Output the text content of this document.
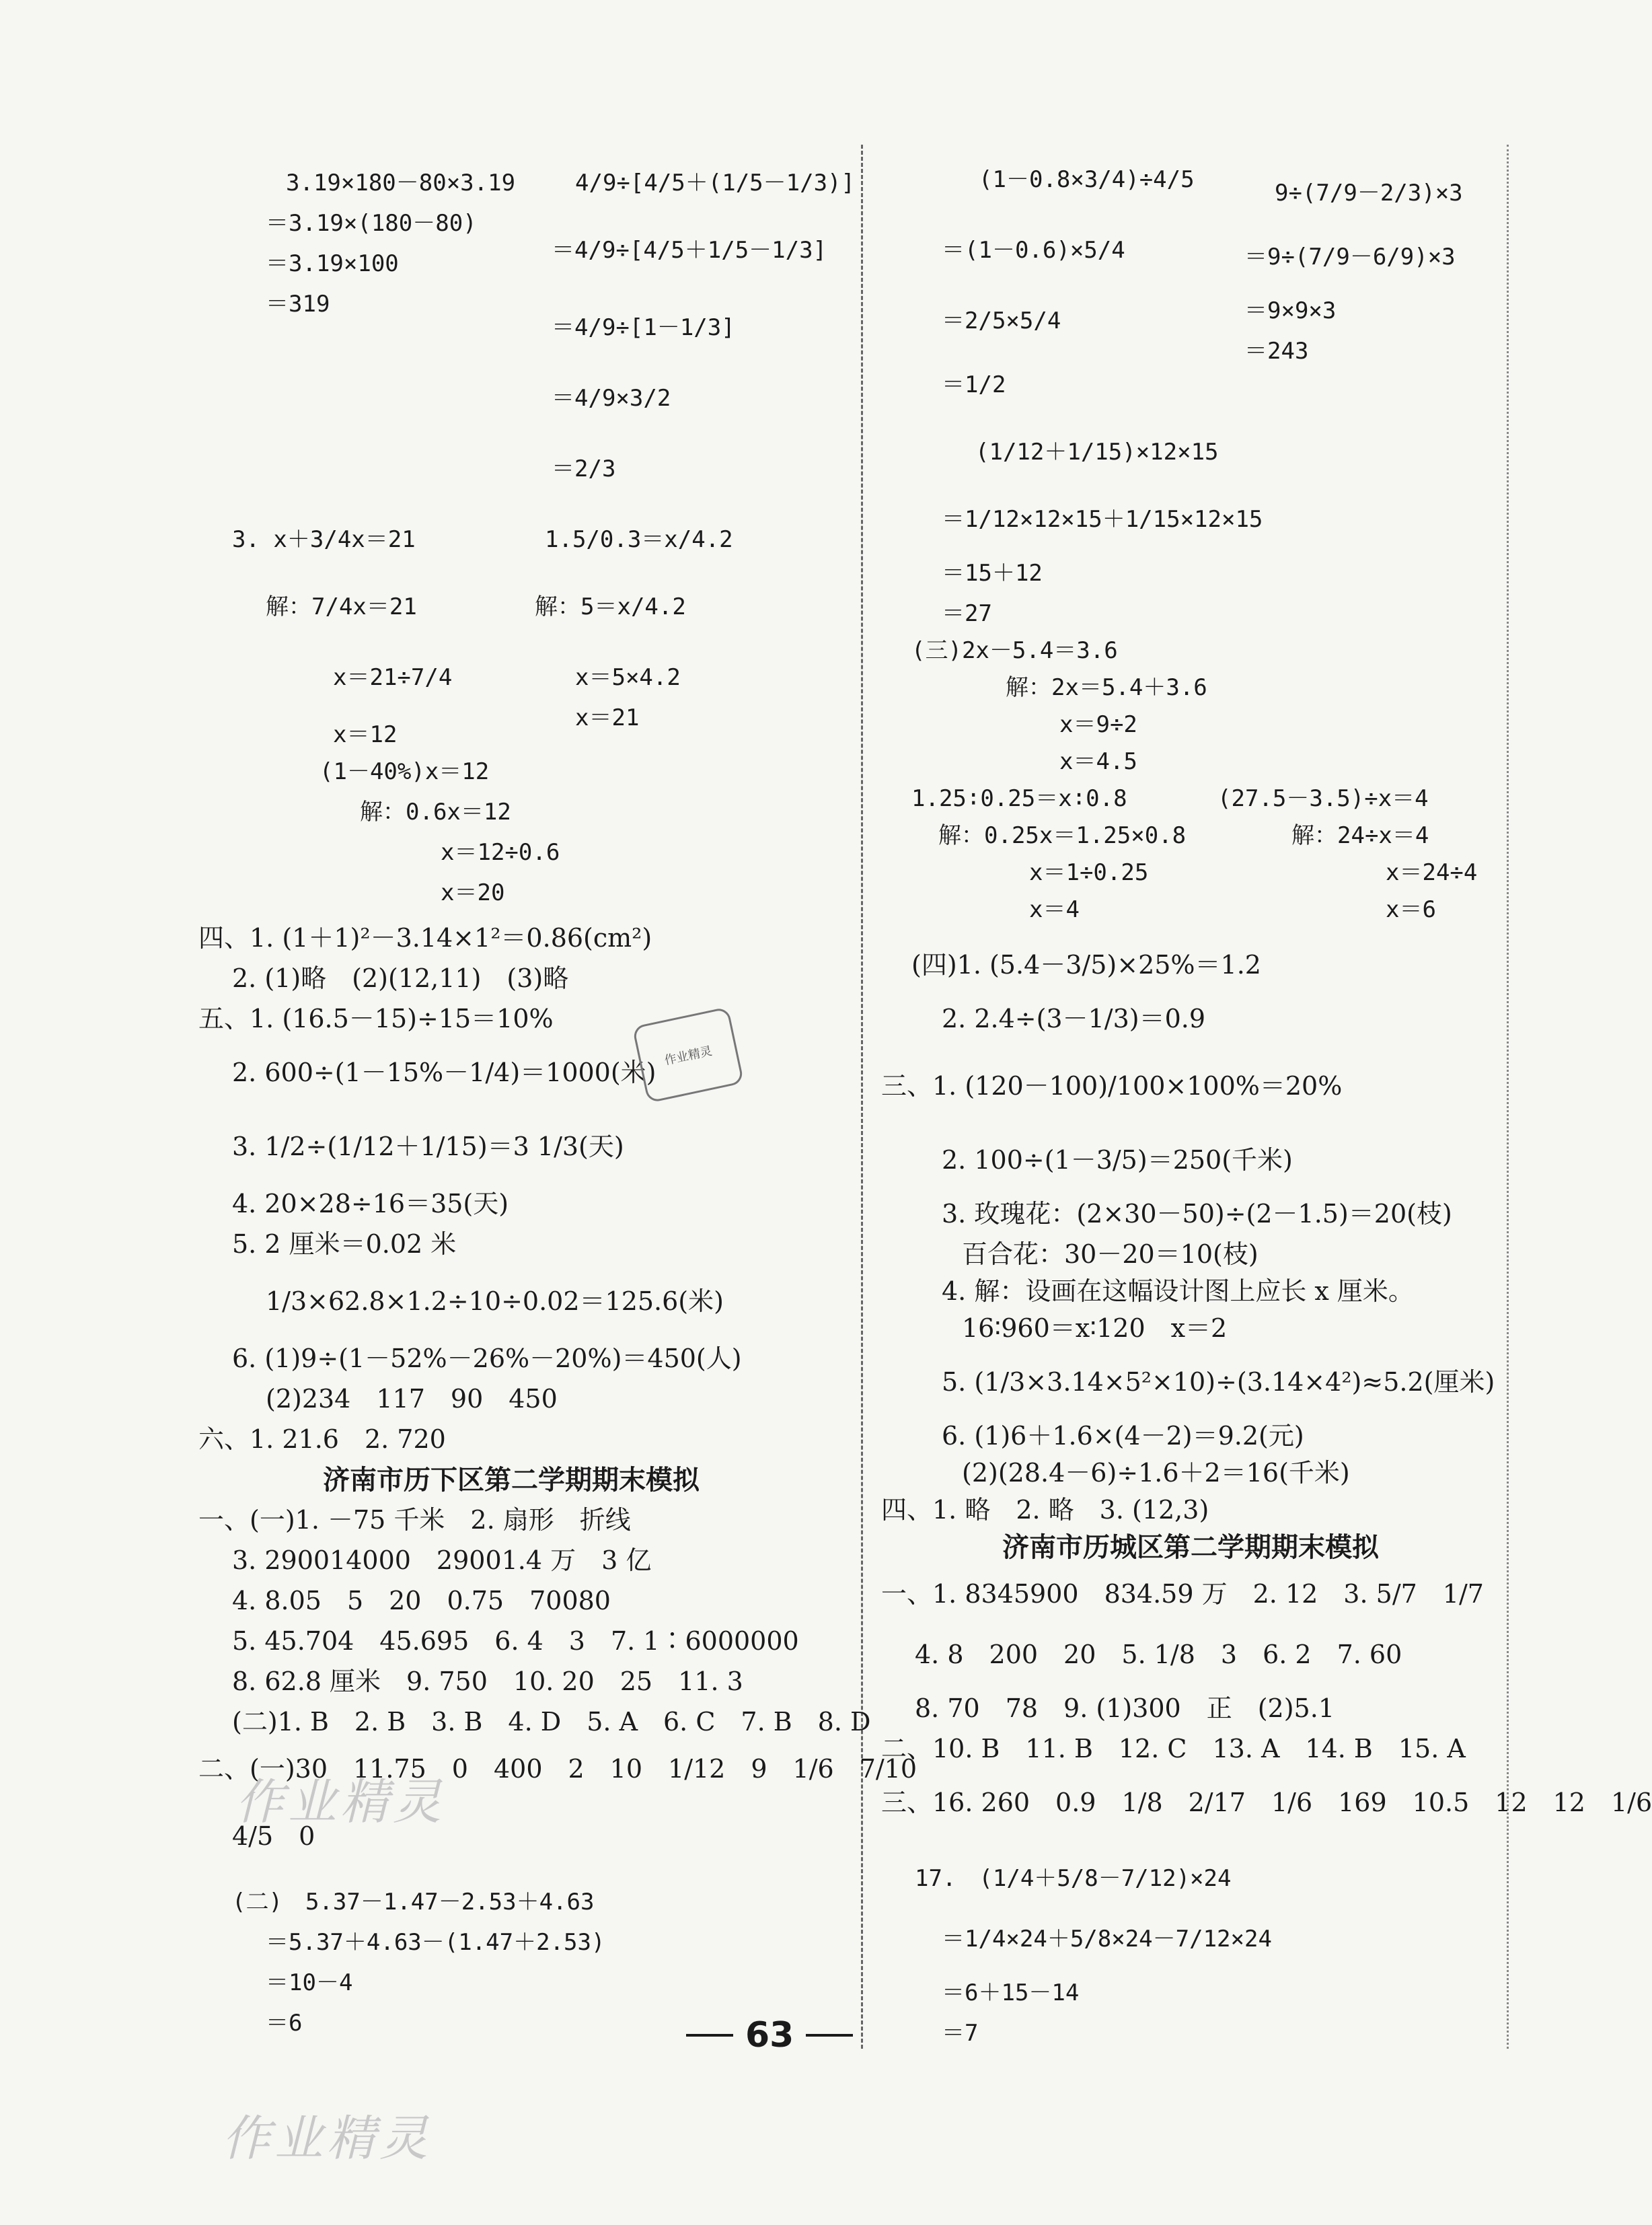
3.19×180－80×3.19
＝3.19×(180－80)
＝3.19×100
＝319
4/9÷[4/5＋(1/5－1/3)]
＝4/9÷[4/5＋1/5－1/3]
＝4/9÷[1－1/3]
＝4/9×3/2
＝2/3
3. x＋3/4x＝21
解：7/4x＝21
x＝21÷7/4
x＝12
1.5/0.3＝x/4.2
解：5＝x/4.2
x＝5×4.2
x＝21
(1－40%)x＝12
解：0.6x＝12
x＝12÷0.6
x＝20
四、1. (1＋1)²－3.14×1²＝0.86(cm²)
2. (1)略　(2)(12,11)　(3)略
五、1. (16.5－15)÷15＝10%
2. 600÷(1－15%－1/4)＝1000(米)
3. 1/2÷(1/12＋1/15)＝3 1/3(天)
4. 20×28÷16＝35(天)
5. 2 厘米＝0.02 米
1/3×62.8×1.2÷10÷0.02＝125.6(米)
6. (1)9÷(1－52%－26%－20%)＝450(人)
(2)234　117　90　450
六、1. 21.6　2. 720
济南市历下区第二学期期末模拟
一、(一)1. －75 千米　2. 扇形　折线
3. 290014000　29001.4 万　3 亿
4. 8.05　5　20　0.75　70080
5. 45.704　45.695　6. 4　3　7. 1∶6000000
8. 62.8 厘米　9. 750　10. 20　25　11. 3
(二)1. B　2. B　3. B　4. D　5. A　6. C　7. B　8. D
二、(一)30　11.75　0　400　2　10　1/12　9　1/6　7/10
4/5　0
(二)　5.37－1.47－2.53＋4.63
＝5.37＋4.63－(1.47＋2.53)
＝10－4
＝6
(1－0.8×3/4)÷4/5
＝(1－0.6)×5/4
＝2/5×5/4
＝1/2
9÷(7/9－2/3)×3
＝9÷(7/9－6/9)×3
＝9×9×3
＝243
(1/12＋1/15)×12×15
＝1/12×12×15＋1/15×12×15
＝15＋12
＝27
(三)2x－5.4＝3.6
解：2x＝5.4＋3.6
x＝9÷2
x＝4.5
1.25∶0.25＝x∶0.8
解：0.25x＝1.25×0.8
x＝1÷0.25
x＝4
(27.5－3.5)÷x＝4
解：24÷x＝4
x＝24÷4
x＝6
(四)1. (5.4－3/5)×25%＝1.2
2. 2.4÷(3－1/3)＝0.9
三、1. (120－100)/100×100%＝20%
2. 100÷(1－3/5)＝250(千米)
3. 玫瑰花：(2×30－50)÷(2－1.5)＝20(枝)
百合花：30－20＝10(枝)
4. 解：设画在这幅设计图上应长 x 厘米。
16∶960＝x∶120　x＝2
5. (1/3×3.14×5²×10)÷(3.14×4²)≈5.2(厘米)
6. (1)6＋1.6×(4－2)＝9.2(元)
(2)(28.4－6)÷1.6＋2＝16(千米)
四、1. 略　2. 略　3. (12,3)
济南市历城区第二学期期末模拟
一、1. 8345900　834.59 万　2. 12　3. 5/7　1/7
4. 8　200　20　5. 1/8　3　6. 2　7. 60
8. 70　78　9. (1)300　正　(2)5.1
二、10. B　11. B　12. C　13. A　14. B　15. A
三、16. 260　0.9　1/8　2/17　1/6　169　10.5　12　12　1/6
17.　(1/4＋5/8－7/12)×24
＝1/4×24＋5/8×24－7/12×24
＝6＋15－14
＝7
作业精灵
作业精灵
作业精灵
63
